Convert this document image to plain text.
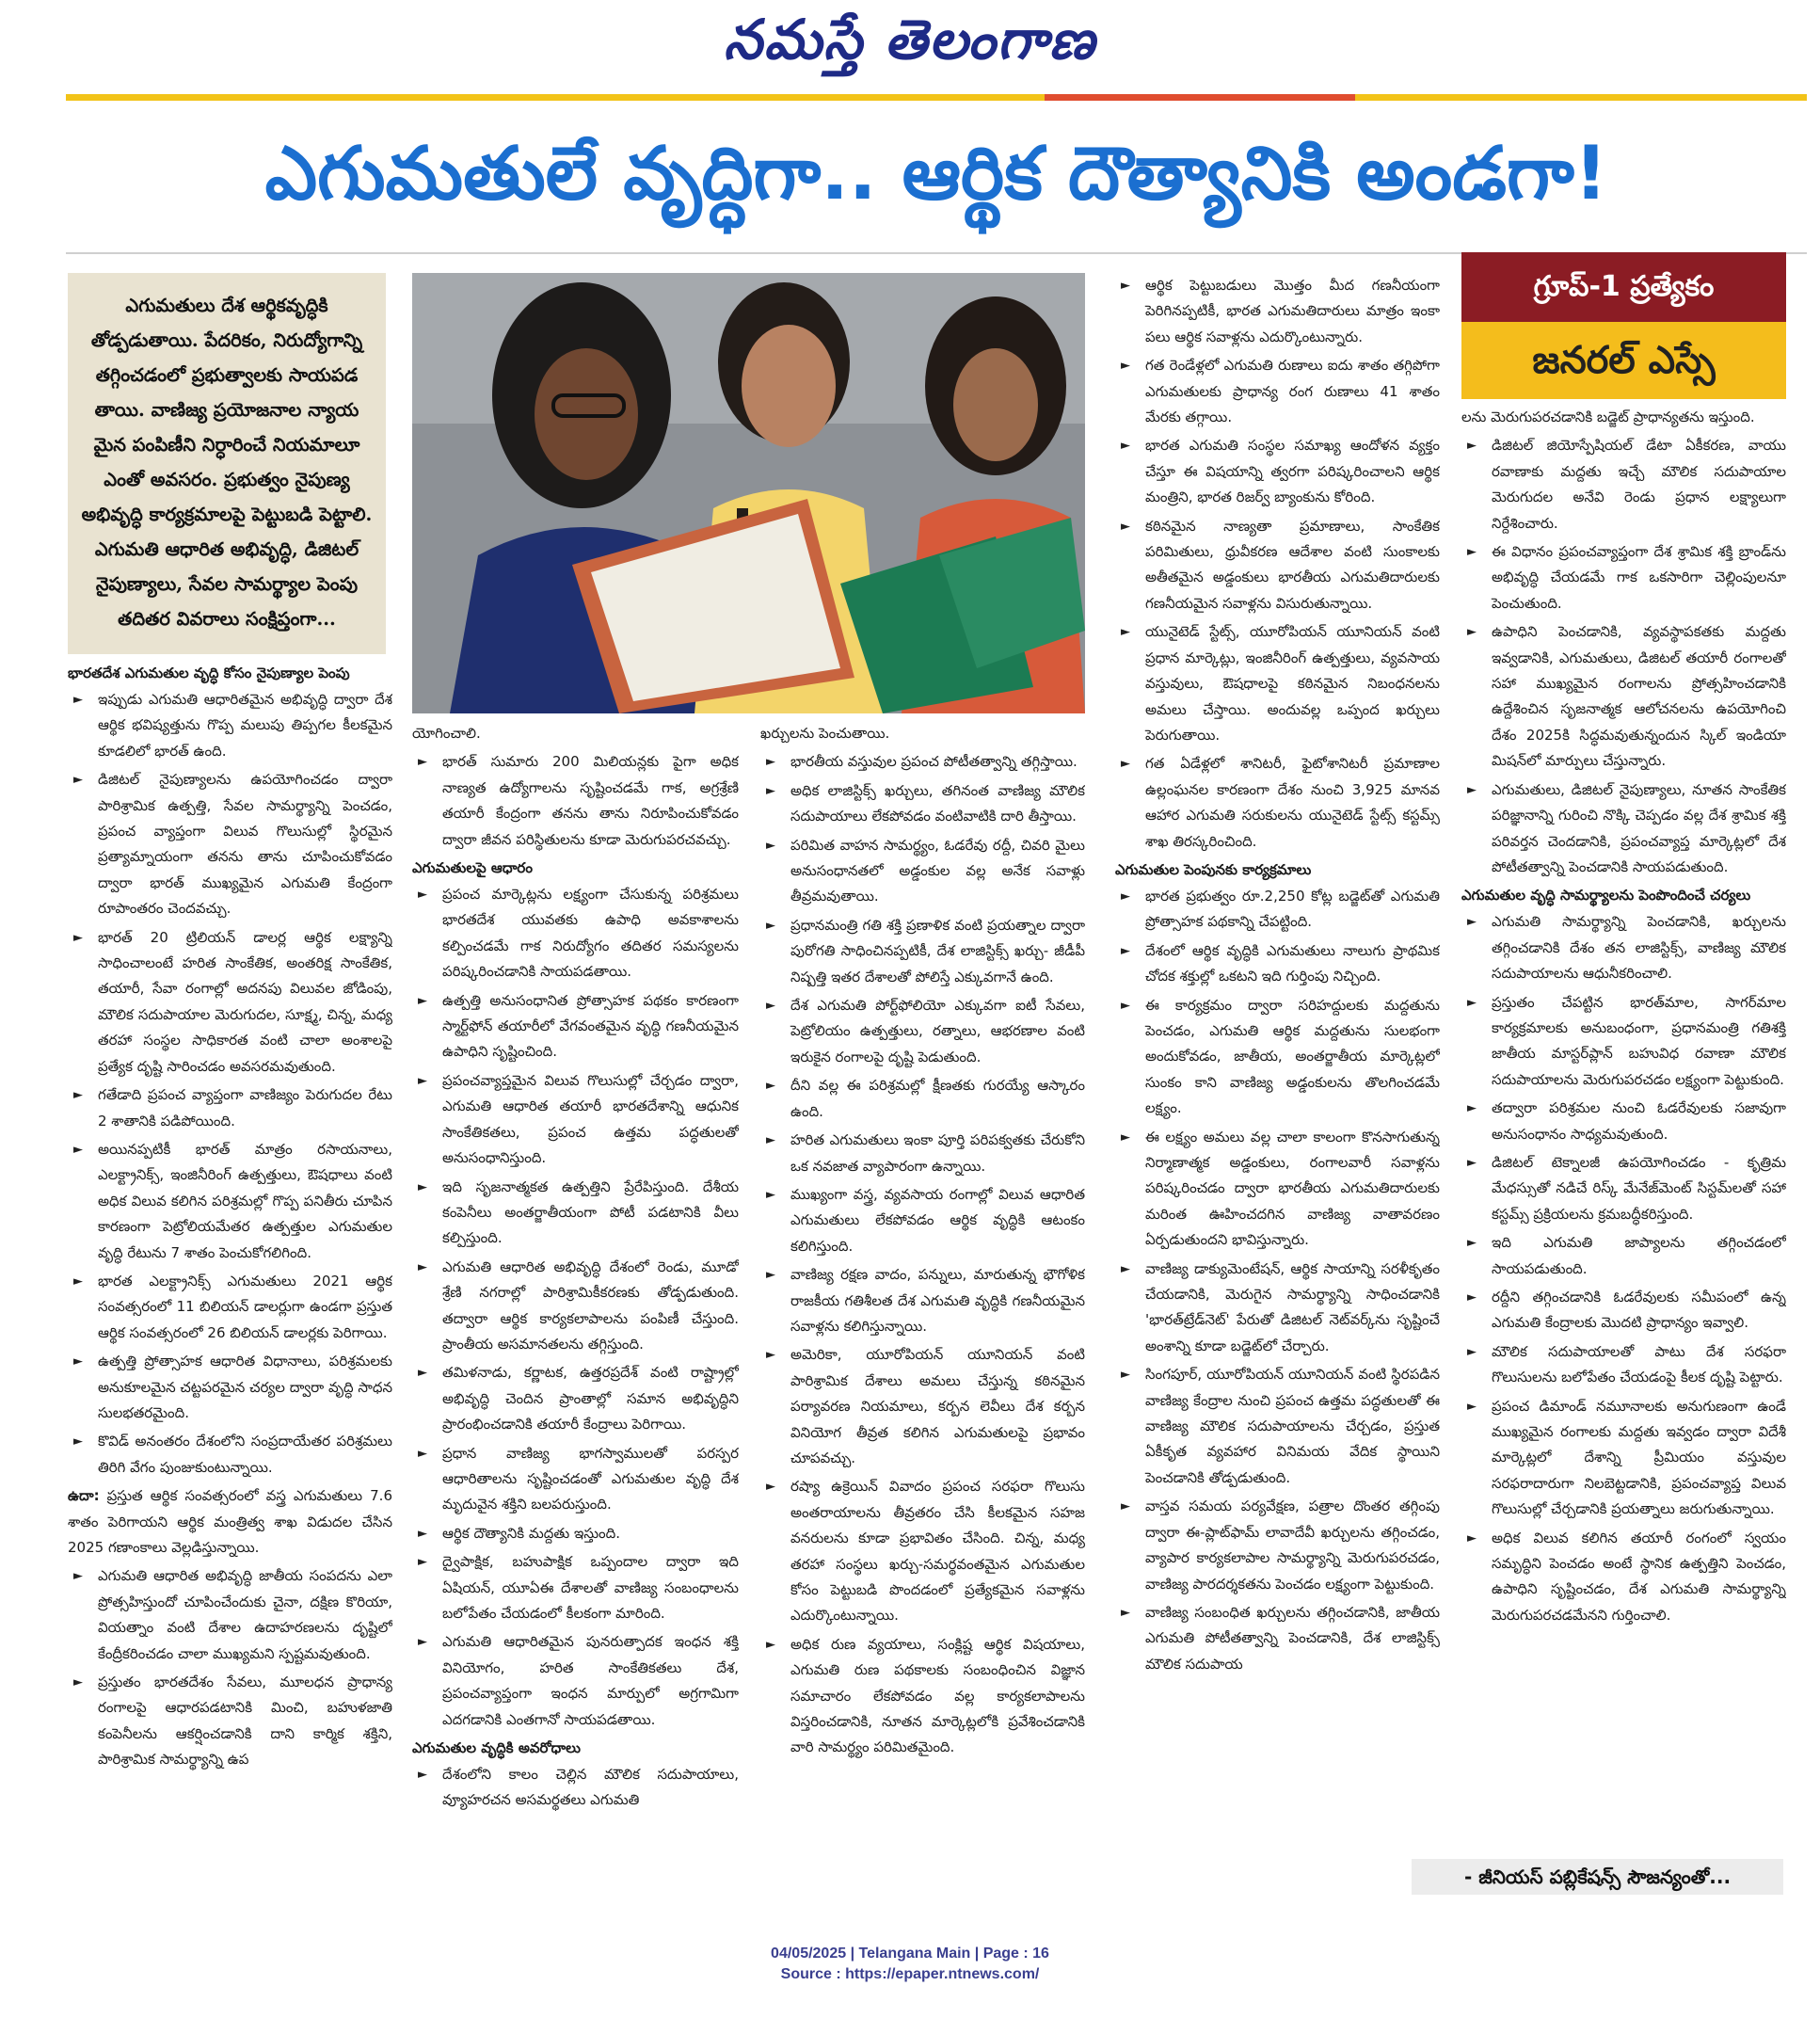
నమస్తే తెలంగాణ
ఎగుమతులే వృద్ధిగా.. ఆర్థిక దౌత్యానికి అండగా!
ఎగుమతులు దేశ ఆర్థికవృద్ధికి తోడ్పడుతాయి. పేదరికం, నిరుద్యోగాన్ని తగ్గించడంలో ప్రభుత్వాలకు సాయపడ తాయి. వాణిజ్య ప్రయోజనాల న్యాయ మైన పంపిణీని నిర్ధారించే నియమాలూ ఎంతో అవసరం. ప్రభుత్వం నైపుణ్య అభివృద్ధి కార్యక్రమాలపై పెట్టుబడి పెట్టాలి. ఎగుమతి ఆధారిత అభివృద్ధి, డిజిటల్ నైపుణ్యాలు, సేవల సామర్థ్యాల పెంపు తదితర వివరాలు సంక్షిప్తంగా...
భారతదేశ ఎగుమతుల వృద్ధి కోసం నైపుణ్యాల పెంపు
► ఇప్పుడు ఎగుమతి ఆధారితమైన అభివృద్ధి ద్వారా దేశ ఆర్థిక భవిష్యత్తును గొప్ప మలుపు తిప్పగల కీలకమైన కూడలిలో భారత్ ఉంది.
► డిజిటల్ నైపుణ్యాలను ఉపయోగించడం ద్వారా పారిశ్రామిక ఉత్పత్తి, సేవల సామర్థ్యాన్ని పెంచడం, ప్రపంచ వ్యాప్తంగా విలువ గొలుసుల్లో స్థిరమైన ప్రత్యామ్నాయంగా తనను తాను చూపించుకోవడం ద్వారా భారత్ ముఖ్యమైన ఎగుమతి కేంద్రంగా రూపాంతరం చెందవచ్చు.
► భారత్ 20 ట్రిలియన్ డాలర్ల ఆర్థిక లక్ష్యాన్ని సాధించాలంటే హరిత సాంకేతిక, అంతరిక్ష సాంకేతిక, తయారీ, సేవా రంగాల్లో అదనపు విలువల జోడింపు, మౌలిక సదుపాయాల మెరుగుదల, సూక్ష్మ, చిన్న, మధ్య తరహా సంస్థల సాధికారత వంటి చాలా అంశాలపై ప్రత్యేక దృష్టి సారించడం అవసరమవుతుంది.
► గతేడాది ప్రపంచ వ్యాప్తంగా వాణిజ్యం పెరుగుదల రేటు 2 శాతానికి పడిపోయింది.
► అయినప్పటికీ భారత్ మాత్రం రసాయనాలు, ఎలక్ట్రానిక్స్, ఇంజినీరింగ్ ఉత్పత్తులు, ఔషధాలు వంటి అధిక విలువ కలిగిన పరిశ్రమల్లో గొప్ప పనితీరు చూపిన కారణంగా పెట్రోలియమేతర ఉత్పత్తుల ఎగుమతుల వృద్ధి రేటును 7 శాతం పెంచుకోగలిగింది.
► భారత ఎలక్ట్రానిక్స్ ఎగుమతులు 2021 ఆర్థిక సంవత్సరంలో 11 బిలియన్ డాలర్లుగా ఉండగా ప్రస్తుత ఆర్థిక సంవత్సరంలో 26 బిలియన్ డాలర్లకు పెరిగాయి.
► ఉత్పత్తి ప్రోత్సాహక ఆధారిత విధానాలు, పరిశ్రమలకు అనుకూలమైన చట్టపరమైన చర్యల ద్వారా వృద్ధి సాధన సులభతరమైంది.
► కొవిడ్ అనంతరం దేశంలోని సంప్రదాయేతర పరిశ్రమలు తిరిగి వేగం పుంజుకుంటున్నాయి.
ఉదా: ప్రస్తుత ఆర్థిక సంవత్సరంలో వస్త్ర ఎగుమతులు 7.6 శాతం పెరిగాయని ఆర్థిక మంత్రిత్వ శాఖ విడుదల చేసిన 2025 గణాంకాలు వెల్లడిస్తున్నాయి.
► ఎగుమతి ఆధారిత అభివృద్ధి జాతీయ సంపదను ఎలా ప్రోత్సహిస్తుందో చూపించేందుకు చైనా, దక్షిణ కొరియా, వియత్నాం వంటి దేశాల ఉదాహరణలను దృష్టిలో కేంద్రీకరించడం చాలా ముఖ్యమని స్పష్టమవుతుంది.
► ప్రస్తుతం భారతదేశం సేవలు, మూలధన ప్రాధాన్య రంగాలపై ఆధారపడటానికి మించి, బహుళజాతి కంపెనీలను ఆకర్షించడానికి దాని కార్మిక శక్తిని, పారిశ్రామిక సామర్థ్యాన్ని ఉప
యోగించాలి.
► భారత్ సుమారు 200 మిలియన్లకు పైగా అధిక నాణ్యత ఉద్యోగాలను సృష్టించడమే గాక, అగ్రశ్రేణి తయారీ కేంద్రంగా తనను తాను నిరూపించుకోవడం ద్వారా జీవన పరిస్థితులను కూడా మెరుగుపరచవచ్చు.
ఎగుమతులపై ఆధారం
► ప్రపంచ మార్కెట్లను లక్ష్యంగా చేసుకున్న పరిశ్రమలు భారతదేశ యువతకు ఉపాధి అవకాశాలను కల్పించడమే గాక నిరుద్యోగం తదితర సమస్యలను పరిష్కరించడానికి సాయపడతాయి.
► ఉత్పత్తి అనుసంధానిత ప్రోత్సాహక పథకం కారణంగా స్మార్ట్‌ఫోన్ తయారీలో వేగవంతమైన వృద్ధి గణనీయమైన ఉపాధిని సృష్టించింది.
► ప్రపంచవ్యాప్తమైన విలువ గొలుసుల్లో చేర్చడం ద్వారా, ఎగుమతి ఆధారిత తయారీ భారతదేశాన్ని ఆధునిక సాంకేతికతలు, ప్రపంచ ఉత్తమ పద్ధతులతో అనుసంధానిస్తుంది.
► ఇది సృజనాత్మకత ఉత్పత్తిని ప్రేరేపిస్తుంది. దేశీయ కంపెనీలు అంతర్జాతీయంగా పోటీ పడటానికి వీలు కల్పిస్తుంది.
► ఎగుమతి ఆధారిత అభివృద్ధి దేశంలో రెండు, మూడో శ్రేణి నగరాల్లో పారిశ్రామికీకరణకు తోడ్పడుతుంది. తద్వారా ఆర్థిక కార్యకలాపాలను పంపిణీ చేస్తుంది. ప్రాంతీయ అసమానతలను తగ్గిస్తుంది.
► తమిళనాడు, కర్ణాటక, ఉత్తరప్రదేశ్ వంటి రాష్ట్రాల్లో అభివృద్ధి చెందిన ప్రాంతాల్లో సమాన అభివృద్ధిని ప్రారంభించడానికి తయారీ కేంద్రాలు పెరిగాయి.
► ప్రధాన వాణిజ్య భాగస్వాములతో పరస్పర ఆధారితాలను సృష్టించడంతో ఎగుమతుల వృద్ధి దేశ మృదువైన శక్తిని బలపరుస్తుంది.
► ఆర్థిక దౌత్యానికి మద్దతు ఇస్తుంది.
► ద్వైపాక్షిక, బహుపాక్షిక ఒప్పందాల ద్వారా ఇది ఏషియన్, యూఏఈ దేశాలతో వాణిజ్య సంబంధాలను బలోపేతం చేయడంలో కీలకంగా మారింది.
► ఎగుమతి ఆధారితమైన పునరుత్పాదక ఇంధన శక్తి వినియోగం, హరిత సాంకేతికతలు దేశ, ప్రపంచవ్యాప్తంగా ఇంధన మార్పులో అగ్రగామిగా ఎదగడానికి ఎంతగానో సాయపడతాయి.
ఎగుమతుల వృద్ధికి అవరోధాలు
► దేశంలోని కాలం చెల్లిన మౌలిక సదుపాయాలు, వ్యూహరచన అసమర్థతలు ఎగుమతి
ఖర్చులను పెంచుతాయి.
► భారతీయ వస్తువుల ప్రపంచ పోటీతత్వాన్ని తగ్గిస్తాయి.
► అధిక లాజిస్టిక్స్ ఖర్చులు, తగినంత వాణిజ్య మౌలిక సదుపాయాలు లేకపోవడం వంటివాటికి దారి తీస్తాయి.
► పరిమిత వాహన సామర్థ్యం, ఓడరేవు రద్దీ, చివరి మైలు అనుసంధానతలో అడ్డంకుల వల్ల అనేక సవాళ్లు తీవ్రమవుతాయి.
► ప్రధానమంత్రి గతి శక్తి ప్రణాళిక వంటి ప్రయత్నాల ద్వారా పురోగతి సాధించినప్పటికీ, దేశ లాజిస్టిక్స్ ఖర్చు- జీడీపీ నిష్పత్తి ఇతర దేశాలతో పోలిస్తే ఎక్కువగానే ఉంది.
► దేశ ఎగుమతి పోర్ట్‌ఫోలియో ఎక్కువగా ఐటీ సేవలు, పెట్రోలియం ఉత్పత్తులు, రత్నాలు, ఆభరణాల వంటి ఇరుకైన రంగాలపై దృష్టి పెడుతుంది.
► దీని వల్ల ఈ పరిశ్రమల్లో క్షీణతకు గురయ్యే ఆస్కారం ఉంది.
► హరిత ఎగుమతులు ఇంకా పూర్తి పరిపక్వతకు చేరుకోని ఒక నవజాత వ్యాపారంగా ఉన్నాయి.
► ముఖ్యంగా వస్త్ర, వ్యవసాయ రంగాల్లో విలువ ఆధారిత ఎగుమతులు లేకపోవడం ఆర్థిక వృద్ధికి ఆటంకం కలిగిస్తుంది.
► వాణిజ్య రక్షణ వాదం, పన్నులు, మారుతున్న భౌగోళిక రాజకీయ గతిశీలత దేశ ఎగుమతి వృద్ధికి గణనీయమైన సవాళ్లను కలిగిస్తున్నాయి.
► అమెరికా, యూరోపియన్ యూనియన్ వంటి పారిశ్రామిక దేశాలు అమలు చేస్తున్న కఠినమైన పర్యావరణ నియమాలు, కర్బన లెవీలు దేశ కర్బన వినియోగ తీవ్రత కలిగిన ఎగుమతులపై ప్రభావం చూపవచ్చు.
► రష్యా ఉక్రెయిన్ వివాదం ప్రపంచ సరఫరా గొలుసు అంతరాయాలను తీవ్రతరం చేసి కీలకమైన సహజ వనరులను కూడా ప్రభావితం చేసింది. చిన్న, మధ్య తరహా సంస్థలు ఖర్చు-సమర్థవంతమైన ఎగుమతుల కోసం పెట్టుబడి పొందడంలో ప్రత్యేకమైన సవాళ్లను ఎదుర్కొంటున్నాయి.
► అధిక రుణ వ్యయాలు, సంక్లిష్ట ఆర్థిక విషయాలు, ఎగుమతి రుణ పథకాలకు సంబంధించిన విజ్ఞాన సమాచారం లేకపోవడం వల్ల కార్యకలాపాలను విస్తరించడానికి, నూతన మార్కెట్లలోకి ప్రవేశించడానికి వారి సామర్థ్యం పరిమితమైంది.
► ఆర్థిక పెట్టుబడులు మొత్తం మీద గణనీయంగా పెరిగినప్పటికీ, భారత ఎగుమతిదారులు మాత్రం ఇంకా పలు ఆర్థిక సవాళ్లను ఎదుర్కొంటున్నారు.
► గత రెండేళ్లలో ఎగుమతి రుణాలు ఐదు శాతం తగ్గిపోగా ఎగుమతులకు ప్రాధాన్య రంగ రుణాలు 41 శాతం మేరకు తగ్గాయి.
► భారత ఎగుమతి సంస్థల సమాఖ్య ఆందోళన వ్యక్తం చేస్తూ ఈ విషయాన్ని త్వరగా పరిష్కరించాలని ఆర్థిక మంత్రిని, భారత రిజర్వ్ బ్యాంకును కోరింది.
► కఠినమైన నాణ్యతా ప్రమాణాలు, సాంకేతిక పరిమితులు, ధ్రువీకరణ ఆదేశాల వంటి సుంకాలకు అతీతమైన అడ్డంకులు భారతీయ ఎగుమతిదారులకు గణనీయమైన సవాళ్లను విసురుతున్నాయి.
► యునైటెడ్ స్టేట్స్, యూరోపియన్ యూనియన్ వంటి ప్రధాన మార్కెట్లు, ఇంజినీరింగ్ ఉత్పత్తులు, వ్యవసాయ వస్తువులు, ఔషధాలపై కఠినమైన నిబంధనలను అమలు చేస్తాయి. అందువల్ల ఒప్పంద ఖర్చులు పెరుగుతాయి.
► గత ఏడేళ్లలో శానిటరీ, ఫైటోశానిటరీ ప్రమాణాల ఉల్లంఘనల కారణంగా దేశం నుంచి 3,925 మానవ ఆహార ఎగుమతి సరుకులను యునైటెడ్ స్టేట్స్ కస్టమ్స్ శాఖ తిరస్కరించింది.
ఎగుమతుల పెంపునకు కార్యక్రమాలు
► భారత ప్రభుత్వం రూ.2,250 కోట్ల బడ్జెట్‌తో ఎగుమతి ప్రోత్సాహక పథకాన్ని చేపట్టింది.
► దేశంలో ఆర్థిక వృద్ధికి ఎగుమతులు నాలుగు ప్రాథమిక చోదక శక్తుల్లో ఒకటని ఇది గుర్తింపు నిచ్చింది.
► ఈ కార్యక్రమం ద్వారా సరిహద్దులకు మద్దతును పెంచడం, ఎగుమతి ఆర్థిక మద్దతును సులభంగా అందుకోవడం, జాతీయ, అంతర్జాతీయ మార్కెట్లలో సుంకం కాని వాణిజ్య అడ్డంకులను తొలగించడమే లక్ష్యం.
► ఈ లక్ష్యం అమలు వల్ల చాలా కాలంగా కొనసాగుతున్న నిర్మాణాత్మక అడ్డంకులు, రంగాలవారీ సవాళ్లను పరిష్కరించడం ద్వారా భారతీయ ఎగుమతిదారులకు మరింత ఊహించదగిన వాణిజ్య వాతావరణం ఏర్పడుతుందని భావిస్తున్నారు.
► వాణిజ్య డాక్యుమెంటేషన్, ఆర్థిక సాయాన్ని సరళీకృతం చేయడానికి, మెరుగైన సామర్థ్యాన్ని సాధించడానికి 'భారత్‌ట్రేడ్‌నెట్' పేరుతో డిజిటల్ నెట్‌వర్క్‌ను సృష్టించే అంశాన్ని కూడా బడ్జెట్‌లో చేర్చారు.
► సింగపూర్, యూరోపియన్ యూనియన్ వంటి స్థిరపడిన వాణిజ్య కేంద్రాల నుంచి ప్రపంచ ఉత్తమ పద్ధతులతో ఈ వాణిజ్య మౌలిక సదుపాయాలను చేర్చడం, ప్రస్తుత ఏకీకృత వ్యవహార వినిమయ వేదిక స్థాయిని పెంచడానికి తోడ్పడుతుంది.
► వాస్తవ సమయ పర్యవేక్షణ, పత్రాల దొంతర తగ్గింపు ద్వారా ఈ-ప్లాట్‌ఫామ్ లావాదేవీ ఖర్చులను తగ్గించడం, వ్యాపార కార్యకలాపాల సామర్థ్యాన్ని మెరుగుపరచడం, వాణిజ్య పారదర్శకతను పెంచడం లక్ష్యంగా పెట్టుకుంది.
► వాణిజ్య సంబంధిత ఖర్చులను తగ్గించడానికి, జాతీయ ఎగుమతి పోటీతత్వాన్ని పెంచడానికి, దేశ లాజిస్టిక్స్ మౌలిక సదుపాయ
గ్రూప్-1 ప్రత్యేకం
జనరల్ ఎస్సే
లను మెరుగుపరచడానికి బడ్జెట్ ప్రాధాన్యతను ఇస్తుంది.
► డిజిటల్ జియోస్పేషియల్ డేటా ఏకీకరణ, వాయు రవాణాకు మద్దతు ఇచ్చే మౌలిక సదుపాయాల మెరుగుదల అనేవి రెండు ప్రధాన లక్ష్యాలుగా నిర్దేశించారు.
► ఈ విధానం ప్రపంచవ్యాప్తంగా దేశ శ్రామిక శక్తి బ్రాండ్‌ను అభివృద్ధి చేయడమే గాక ఒకసారిగా చెల్లింపులనూ పెంచుతుంది.
► ఉపాధిని పెంచడానికి, వ్యవస్థాపకతకు మద్దతు ఇవ్వడానికి, ఎగుమతులు, డిజిటల్ తయారీ రంగాలతో సహా ముఖ్యమైన రంగాలను ప్రోత్సహించడానికి ఉద్దేశించిన సృజనాత్మక ఆలోచనలను ఉపయోగించి దేశం 2025కి సిద్ధమవుతున్నందున స్కిల్ ఇండియా మిషన్‌లో మార్పులు చేస్తున్నారు.
► ఎగుమతులు, డిజిటల్ నైపుణ్యాలు, నూతన సాంకేతిక పరిజ్ఞానాన్ని గురించి నొక్కి చెప్పడం వల్ల దేశ శ్రామిక శక్తి పరివర్తన చెందడానికి, ప్రపంచవ్యాప్త మార్కెట్లలో దేశ పోటీతత్వాన్ని పెంచడానికి సాయపడుతుంది.
ఎగుమతుల వృద్ధి సామర్థ్యాలను పెంపొందించే చర్యలు
► ఎగుమతి సామర్థ్యాన్ని పెంచడానికి, ఖర్చులను తగ్గించడానికి దేశం తన లాజిస్టిక్స్, వాణిజ్య మౌలిక సదుపాయాలను ఆధునీకరించాలి.
► ప్రస్తుతం చేపట్టిన భారత్‌మాల, సాగర్‌మాల కార్యక్రమాలకు అనుబంధంగా, ప్రధానమంత్రి గతిశక్తి జాతీయ మాస్టర్‌ప్లాన్ బహువిధ రవాణా మౌలిక సదుపాయాలను మెరుగుపరచడం లక్ష్యంగా పెట్టుకుంది.
► తద్వారా పరిశ్రమల నుంచి ఓడరేవులకు సజావుగా అనుసంధానం సాధ్యమవుతుంది.
► డిజిటల్ టెక్నాలజీ ఉపయోగించడం - కృత్రిమ మేధస్సుతో నడిచే రిస్క్ మేనేజ్‌మెంట్ సిస్టమ్‌లతో సహా కస్టమ్స్ ప్రక్రియలను క్రమబద్ధీకరిస్తుంది.
► ఇది ఎగుమతి జాప్యాలను తగ్గించడంలో సాయపడుతుంది.
► రద్దీని తగ్గించడానికి ఓడరేవులకు సమీపంలో ఉన్న ఎగుమతి కేంద్రాలకు మొదటి ప్రాధాన్యం ఇవ్వాలి.
► మౌలిక సదుపాయాలతో పాటు దేశ సరఫరా గొలుసులను బలోపేతం చేయడంపై కీలక దృష్టి పెట్టారు.
► ప్రపంచ డిమాండ్ నమూనాలకు అనుగుణంగా ఉండే ముఖ్యమైన రంగాలకు మద్దతు ఇవ్వడం ద్వారా విదేశీ మార్కెట్లలో దేశాన్ని ప్రీమియం వస్తువుల సరఫరాదారుగా నిలబెట్టడానికి, ప్రపంచవ్యాప్త విలువ గొలుసుల్లో చేర్చడానికి ప్రయత్నాలు జరుగుతున్నాయి.
► అధిక విలువ కలిగిన తయారీ రంగంలో స్వయం సమృద్ధిని పెంచడం అంటే స్థానిక ఉత్పత్తిని పెంచడం, ఉపాధిని సృష్టించడం, దేశ ఎగుమతి సామర్థ్యాన్ని మెరుగుపరచడమేనని గుర్తించాలి.
- జీనియస్ పబ్లికేషన్స్ సౌజన్యంతో...
04/05/2025 | Telangana Main | Page : 16
Source : https://epaper.ntnews.com/
